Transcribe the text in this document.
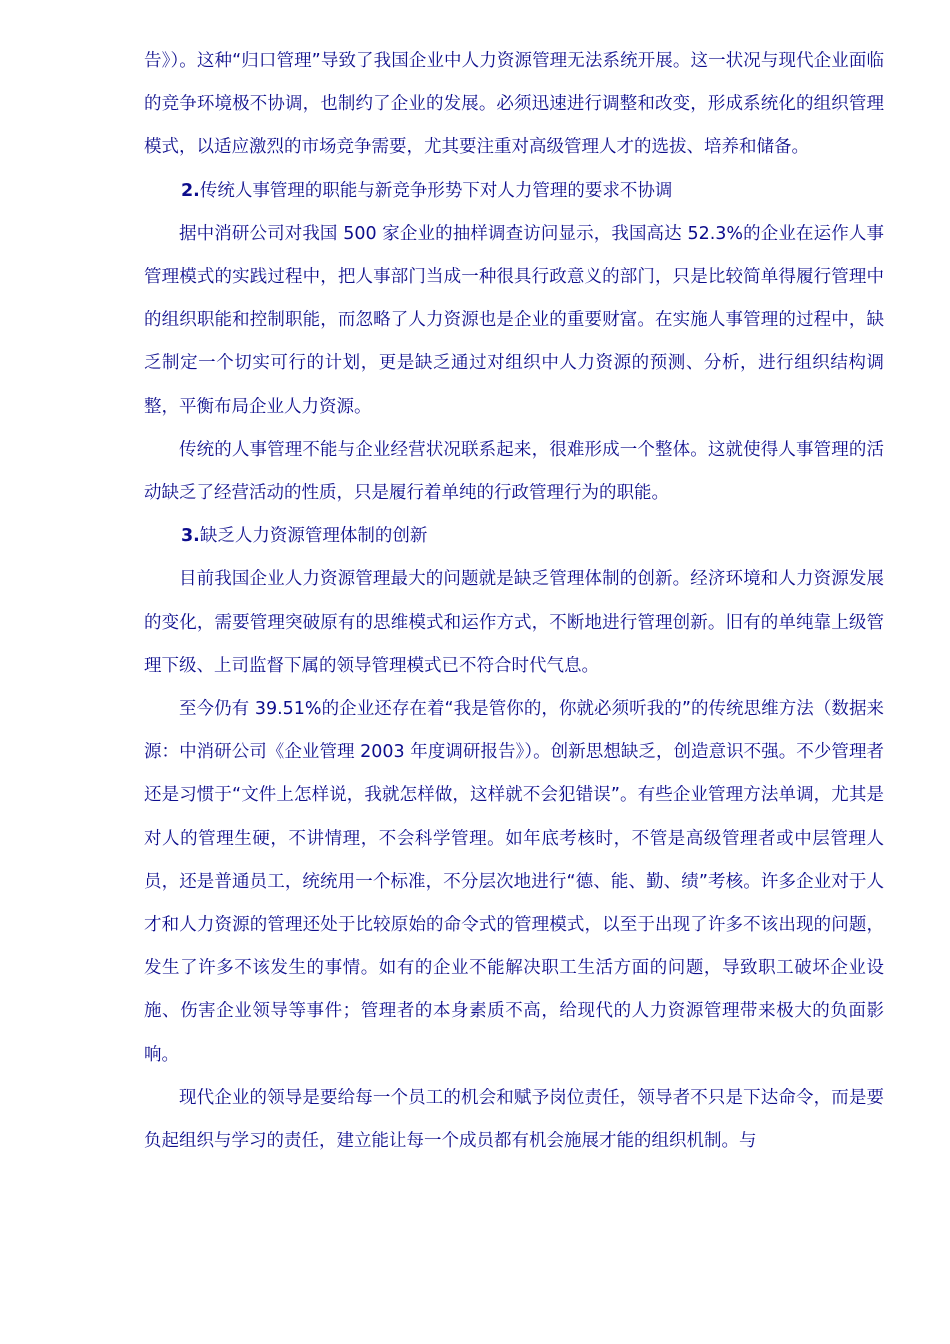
告》）。这种“归口管理”导致了我国企业中人力资源管理无法系统开展。这一状况与现代企业面临的竞争环境极不协调，也制约了企业的发展。必须迅速进行调整和改变，形成系统化的组织管理模式，以适应激烈的市场竞争需要，尤其要注重对高级管理人才的选拔、培养和储备。

2.传统人事管理的职能与新竞争形势下对人力管理的要求不协调

据中消研公司对我国 500 家企业的抽样调查访问显示，我国高达 52.3%的企业在运作人事管理模式的实践过程中，把人事部门当成一种很具行政意义的部门，只是比较简单得履行管理中的组织职能和控制职能，而忽略了人力资源也是企业的重要财富。在实施人事管理的过程中，缺乏制定一个切实可行的计划，更是缺乏通过对组织中人力资源的预测、分析，进行组织结构调整，平衡布局企业人力资源。

传统的人事管理不能与企业经营状况联系起来，很难形成一个整体。这就使得人事管理的活动缺乏了经营活动的性质，只是履行着单纯的行政管理行为的职能。

3.缺乏人力资源管理体制的创新

目前我国企业人力资源管理最大的问题就是缺乏管理体制的创新。经济环境和人力资源发展的变化，需要管理突破原有的思维模式和运作方式，不断地进行管理创新。旧有的单纯靠上级管理下级、上司监督下属的领导管理模式已不符合时代气息。

至今仍有 39.51%的企业还存在着“我是管你的，你就必须听我的”的传统思维方法（数据来源：中消研公司《企业管理 2003 年度调研报告》）。创新思想缺乏，创造意识不强。不少管理者还是习惯于“文件上怎样说，我就怎样做，这样就不会犯错误”。有些企业管理方法单调，尤其是对人的管理生硬，不讲情理，不会科学管理。如年底考核时，不管是高级管理者或中层管理人员，还是普通员工，统统用一个标准，不分层次地进行“德、能、勤、绩”考核。许多企业对于人才和人力资源的管理还处于比较原始的命令式的管理模式，以至于出现了许多不该出现的问题，发生了许多不该发生的事情。如有的企业不能解决职工生活方面的问题，导致职工破坏企业设施、伤害企业领导等事件；管理者的本身素质不高，给现代的人力资源管理带来极大的负面影响。

现代企业的领导是要给每一个员工的机会和赋予岗位责任，领导者不只是下达命令，而是要负起组织与学习的责任，建立能让每一个成员都有机会施展才能的组织机制。与
